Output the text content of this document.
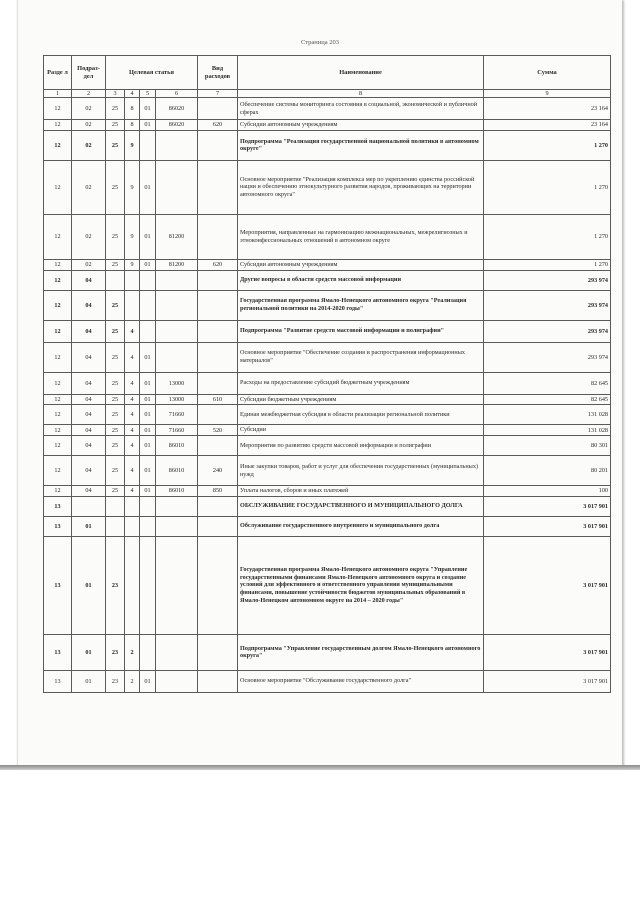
Страница 203
Разде л	Подраз- дел	Целевая статья				Вид расходов	Наименование	Сумма
1	2	3	4	5	6	7	8	9
12	02	25	8	01	86020		Обеспечение системы мониторинга состояния в социальной, экономической и публичной сферах	23 164
12	02	25	8	01	86020	620	Субсидии автономным учреждениям	23 164
12	02	25	9				Подпрограмма "Реализация государственной национальной политики в автономном округе"	1 270
12	02	25	9	01			Основное мероприятие "Реализация комплекса мер по укреплению единства российской нации и обеспечению этнокультурного развития народов, проживающих на территории автономного округа"	1 270
12	02	25	9	01	81200		Мероприятия, направленные на гармонизацию межнациональных, межрелигиозных и этноконфессиональных отношений в автономном округе	1 270
12	02	25	9	01	81200	620	Субсидии автономным учреждениям	1 270
12	04						Другие вопросы в области средств массовой информации	293 974
12	04	25					Государственная программа Ямало-Ненецкого автономного округа "Реализация региональной политики на 2014-2020 годы"	293 974
12	04	25	4				Подпрограмма "Развитие средств массовой информации и полиграфии"	293 974
12	04	25	4	01			Основное мероприятие "Обеспечение создания и распространения информационных материалов"	293 974
12	04	25	4	01	13000		Расходы на предоставление субсидий бюджетным учреждениям	82 645
12	04	25	4	01	13000	610	Субсидии бюджетным учреждениям	82 645
12	04	25	4	01	71660		Единая межбюджетная субсидия в области реализации региональной политики	131 028
12	04	25	4	01	71660	520	Субсидии	131 028
12	04	25	4	01	86010		Мероприятия по развитию средств массовой информации и полиграфии	80 301
12	04	25	4	01	86010	240	Иные закупки товаров, работ и услуг для обеспечения государственных (муниципальных) нужд	80 201
12	04	25	4	01	86010	850	Уплата налогов, сборов и иных платежей	100
13							ОБСЛУЖИВАНИЕ ГОСУДАРСТВЕННОГО И МУНИЦИПАЛЬНОГО ДОЛГА	3 017 901
13	01						Обслуживание государственного внутреннего и муниципального долга	3 017 901
13	01	23					Государственная программа Ямало-Ненецкого автономного округа "Управление государственными финансами Ямало-Ненецкого автономного округа и создание условий для эффективного и ответственного управления муниципальными финансами, повышение устойчивости бюджетов муниципальных образований в Ямало-Ненецком автономном округе на 2014 – 2020 годы"	3 017 901
13	01	23	2				Подпрограмма "Управление государственным долгом Ямало-Ненецкого автономного округа"	3 017 901
13	01	23	2	01			Основное мероприятие "Обслуживание государственного долга"	3 017 901
